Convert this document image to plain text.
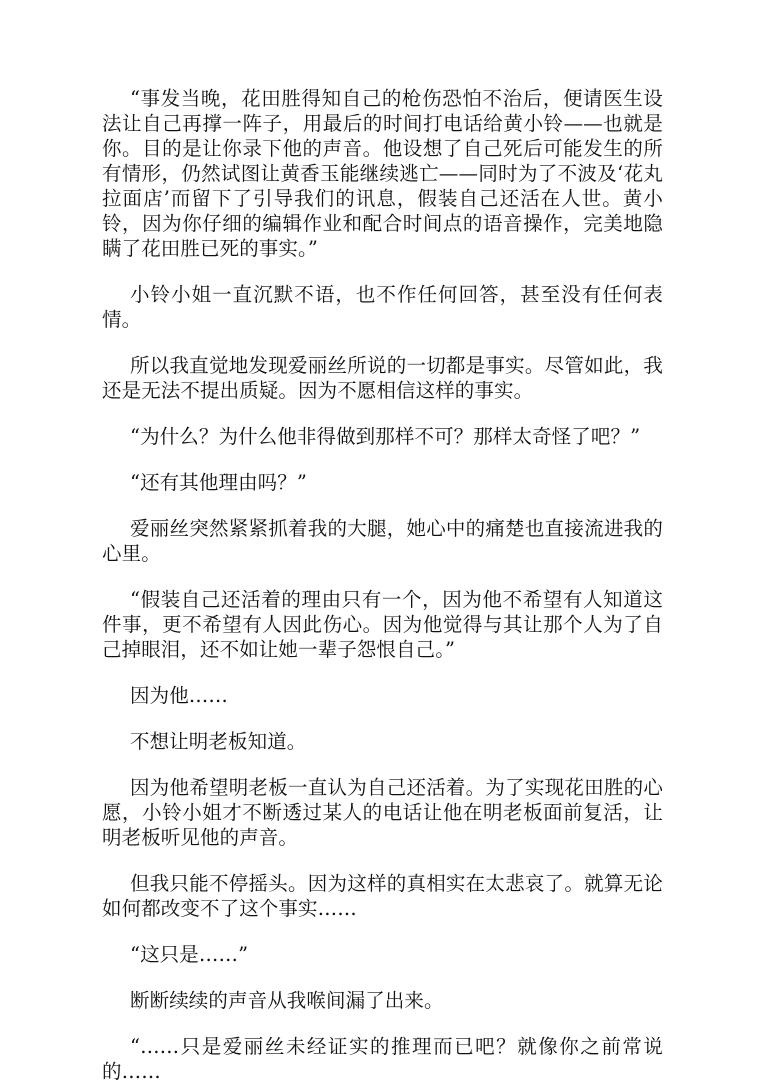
“事发当晚，花田胜得知自己的枪伤恐怕不治后，便请医生设法让自己再撑一阵子，用最后的时间打电话给黄小铃——也就是你。目的是让你录下他的声音。他设想了自己死后可能发生的所有情形，仍然试图让黄香玉能继续逃亡——同时为了不波及‘花丸拉面店’而留下了引导我们的讯息，假装自己还活在人世。黄小铃，因为你仔细的编辑作业和配合时间点的语音操作，完美地隐瞒了花田胜已死的事实。”

小铃小姐一直沉默不语，也不作任何回答，甚至没有任何表情。

所以我直觉地发现爱丽丝所说的一切都是事实。尽管如此，我还是无法不提出质疑。因为不愿相信这样的事实。

“为什么？为什么他非得做到那样不可？那样太奇怪了吧？”

“还有其他理由吗？”

爱丽丝突然紧紧抓着我的大腿，她心中的痛楚也直接流进我的心里。

“假装自己还活着的理由只有一个，因为他不希望有人知道这件事，更不希望有人因此伤心。因为他觉得与其让那个人为了自己掉眼泪，还不如让她一辈子怨恨自己。”

因为他……

不想让明老板知道。

因为他希望明老板一直认为自己还活着。为了实现花田胜的心愿，小铃小姐才不断透过某人的电话让他在明老板面前复活，让明老板听见他的声音。

但我只能不停摇头。因为这样的真相实在太悲哀了。就算无论如何都改变不了这个事实……

“这只是……”

断断续续的声音从我喉间漏了出来。

“……只是爱丽丝未经证实的推理而已吧？就像你之前常说的……
